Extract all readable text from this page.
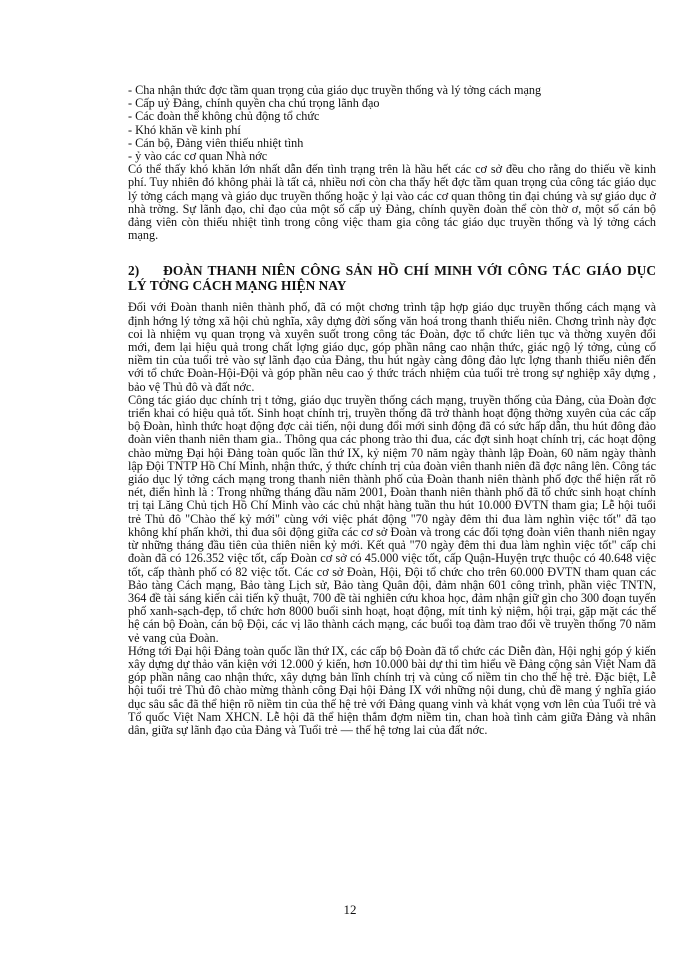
- Cha nhận thức đợc tầm quan trọng của giáo dục truyền thống và lý tởng cách mạng
- Cấp uỷ Đảng, chính quyền cha chú trọng lãnh đạo
- Các đoàn thể không chủ động tổ chức
- Khó khăn về kinh phí
- Cán bộ, Đảng viên thiếu nhiệt tình
- ỷ vào các cơ quan Nhà nớc

Có thể thấy khó khăn lớn nhất dẫn đến tình trạng trên là hầu hết các cơ sở đều cho rằng do thiếu về kinh phí. Tuy nhiên đó không phải là tất cả, nhiều nơi còn cha thấy hết đợc tầm quan trọng của công tác giáo dục lý tởng cách mạng và giáo dục truyền thống hoặc ỷ lại vào các cơ quan thông tin đại chúng và sự giáo dục ở nhà trờng. Sự lãnh đạo, chỉ đạo của một số cấp uỷ Đảng, chính quyền đoàn thể còn thờ ơ, một số cán bộ đảng viên còn thiếu nhiệt tình trong công việc tham gia công tác giáo dục truyền thống và lý tởng cách mạng.

2) ĐOÀN THANH NIÊN CÔNG SẢN HỒ CHÍ MINH VỚI CÔNG TÁC GIÁO DỤC LÝ TỞNG CÁCH MẠNG HIỆN NAY

Đối với Đoàn thanh niên thành phố, đã có một chơng trình tập hợp giáo dục truyền thống cách mạng và định hớng lý tởng xã hội chủ nghĩa, xây dựng đời sống văn hoá trong thanh thiếu niên. Chơng trình này đợc coi là nhiệm vụ quan trọng và xuyên suốt trong công tác Đoàn, đợc tổ chức liên tục và thờng xuyên đổi mới, đem lại hiệu quả trong chất lợng giáo dục, góp phần nâng cao nhận thức, giác ngộ lý tởng, củng cố niềm tin của tuổi trẻ vào sự lãnh đạo của Đảng, thu hút ngày càng đông đảo lực lợng thanh thiếu niên đến với tổ chức Đoàn-Hội-Đội và góp phần nêu cao ý thức trách nhiệm của tuổi trẻ trong sự nghiệp xây dựng , bảo vệ Thủ đô và đất nớc.

Công tác giáo dục chính trị t tởng, giáo dục truyền thống cách mạng, truyền thống của Đảng, của Đoàn đợc triển khai có hiệu quả tốt. Sinh hoạt chính trị, truyền thống đã trở thành hoạt động thờng xuyên của các cấp bộ Đoàn, hình thức hoạt động đợc cải tiến, nội dung đổi mới sinh động đã có sức hấp dẫn, thu hút đông đảo đoàn viên thanh niên tham gia.. Thông qua các phong trào thi đua, các đợt sinh hoạt chính trị, các hoạt động chào mừng Đại hội Đảng toàn quốc lần thứ IX, kỷ niệm 70 năm ngày thành lập Đoàn, 60 năm ngày thành lập Đội TNTP Hồ Chí Minh, nhận thức, ý thức chính trị của đoàn viên thanh niên đã đợc nâng lên. Công tác giáo dục lý tởng cách mạng trong thanh niên thành phố của Đoàn thanh niên thành phố đợc thể hiện rất rõ nét, điển hình là : Trong những tháng đầu năm 2001, Đoàn thanh niên thành phố đã tổ chức sinh hoạt chính trị tại Lăng Chủ tịch Hồ Chí Minh vào các chủ nhật hàng tuần thu hút 10.000 ĐVTN tham gia; Lễ hội tuổi trẻ Thủ đô "Chào thế kỷ mới" cùng với việc phát động "70 ngày đêm thi đua làm nghìn việc tốt" đã tạo không khí phấn khởi, thi đua sôi động giữa các cơ sở Đoàn và trong các đối tợng đoàn viên thanh niên ngay từ những tháng đầu tiên của thiên niên kỷ mới. Kết quả "70 ngày đêm thi đua làm nghìn việc tốt" cấp chi đoàn đã có 126.352 việc tốt, cấp Đoàn cơ sở có 45.000 việc tốt, cấp Quận-Huyện trực thuộc có 40.648 việc tốt, cấp thành phố có 82 việc tốt. Các cơ sở Đoàn, Hội, Đội tổ chức cho trên 60.000 ĐVTN tham quan các Bảo tàng Cách mạng, Bảo tàng Lịch sử, Bảo tàng Quân đội, đảm nhận 601 công trình, phần việc TNTN, 364 đề tài sáng kiến cải tiến kỹ thuật, 700 đề tài nghiên cứu khoa học, đảm nhận giữ gìn cho 300 đoạn tuyến phố xanh-sạch-đẹp, tổ chức hơn 8000 buổi sinh hoạt, hoạt động, mít tinh kỷ niệm, hội trại, gặp mặt các thế hệ cán bộ Đoàn, cán bộ Đội, các vị lão thành cách mạng, các buổi toạ đàm trao đổi về truyền thống 70 năm vẻ vang của Đoàn.

Hớng tới Đại hội Đảng toàn quốc lần thứ IX, các cấp bộ Đoàn đã tổ chức các Diễn đàn, Hội nghị góp ý kiến xây dựng dự thảo văn kiện với 12.000 ý kiến, hơn 10.000 bài dự thi tìm hiểu về Đảng cộng sản Việt Nam đã góp phần nâng cao nhận thức, xây dựng bản lĩnh chính trị và củng cố niềm tin cho thế hệ trẻ. Đặc biệt, Lễ hội tuổi trẻ Thủ đô chào mừng thành công Đại hội Đảng IX với những nội dung, chủ đề mang ý nghĩa giáo dục sâu sắc đã thể hiện rõ niềm tin của thế hệ trẻ với Đảng quang vinh và khát vọng vơn lên của Tuổi trẻ và Tổ quốc Việt Nam XHCN. Lễ hội đã thể hiện thắm đợm niềm tin, chan hoà tình cảm giữa Đảng và nhân dân, giữa sự lãnh đạo của Đảng và Tuổi trẻ — thế hệ tơng lai của đất nớc.

12
